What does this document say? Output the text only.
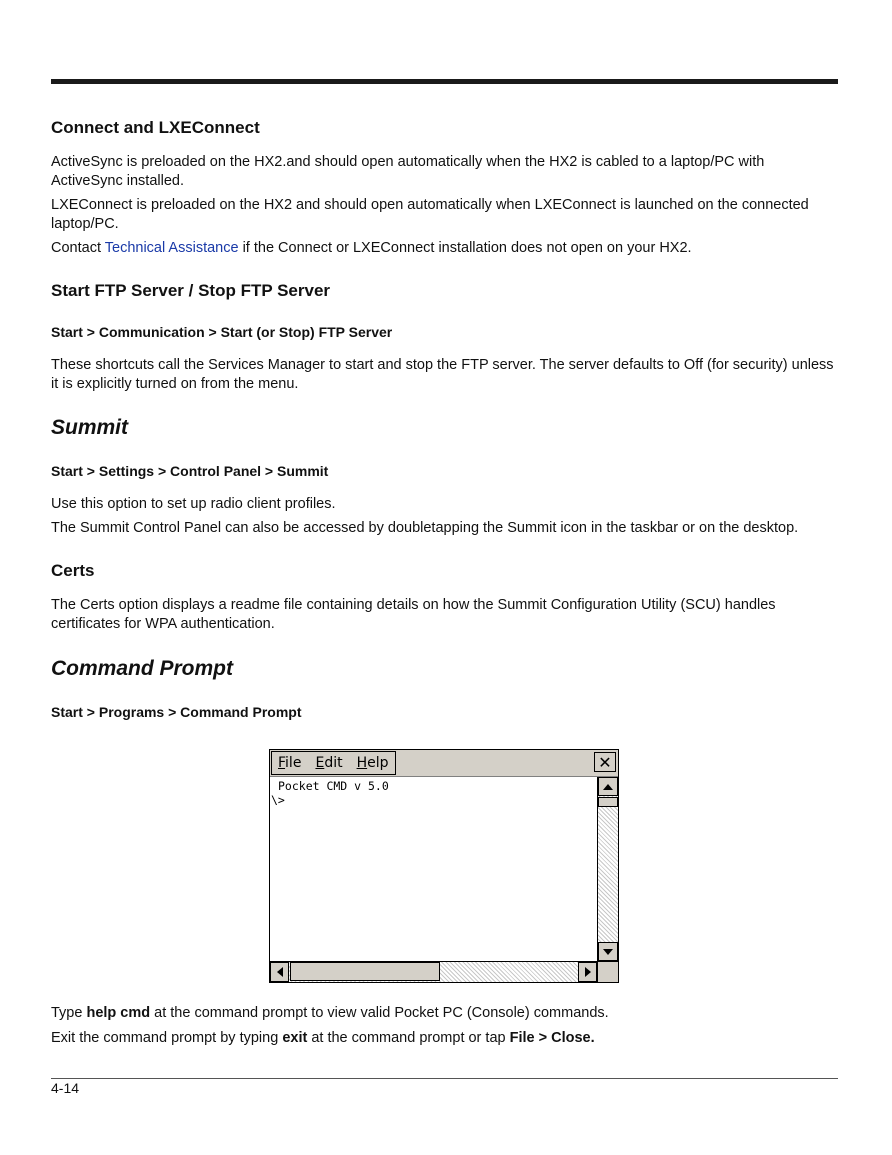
Connect and LXEConnect

ActiveSync is preloaded on the HX2.and should open automatically when the HX2 is cabled to a laptop/PC with ActiveSync installed.

LXEConnect is preloaded on the HX2 and should open automatically when LXEConnect is launched on the connected laptop/PC.

Contact Technical Assistance if the Connect or LXEConnect installation does not open on your HX2.

Start FTP Server / Stop FTP Server
Start > Communication > Start (or Stop) FTP Server

These shortcuts call the Services Manager to start and stop the FTP server. The server defaults to Off (for security) unless it is explicitly turned on from the menu.

Summit
Start > Settings > Control Panel > Summit

Use this option to set up radio client profiles.

The Summit Control Panel can also be accessed by doubletapping the Summit icon in the taskbar or on the desktop.

Certs

The Certs option displays a readme file containing details on how the Summit Configuration Utility (SCU) handles certificates for WPA authentication.

Command Prompt
Start > Programs > Command Prompt
File Edit Help	✕
Pocket CMD v 5.0
\>

Type help cmd at the command prompt to view valid Pocket PC (Console) commands.

Exit the command prompt by typing exit at the command prompt or tap File > Close.

4-14
